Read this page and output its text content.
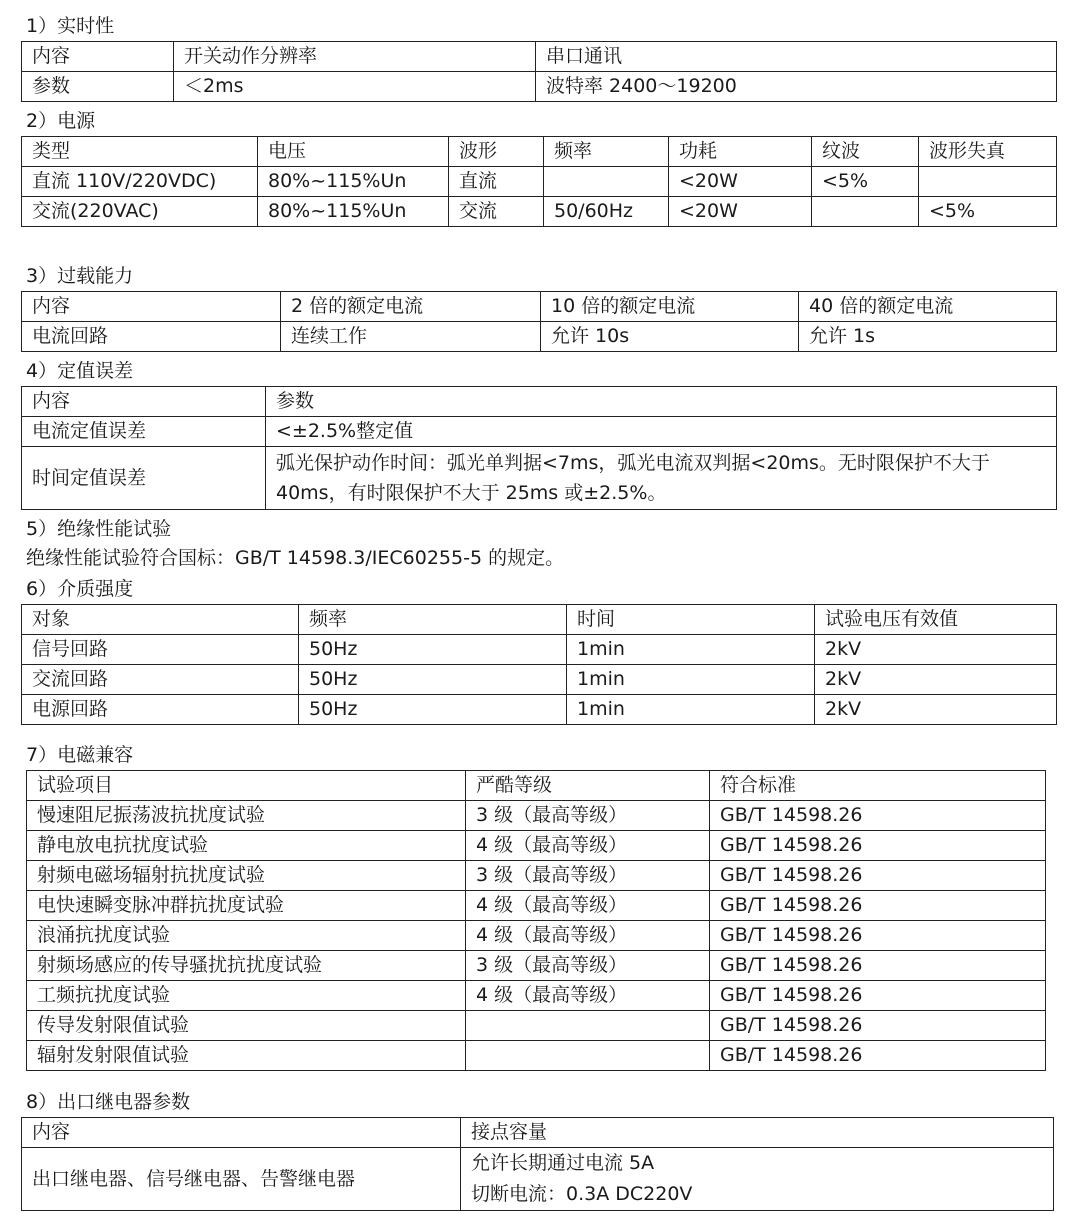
1）实时性
内容	开关动作分辨率	串口通讯
参数	＜2ms	波特率 2400～19200
2）电源
类型	电压	波形	频率	功耗	纹波	波形失真
直流 110V/220VDC)	80%~115%Un	直流		<20W	<5%	
交流(220VAC)	80%~115%Un	交流	50/60Hz	<20W		<5%
3）过载能力
内容	2 倍的额定电流	10 倍的额定电流	40 倍的额定电流
电流回路	连续工作	允许 10s	允许 1s
4）定值误差
内容	参数
电流定值误差	<±2.5%整定值
时间定值误差	弧光保护动作时间：弧光单判据<7ms，弧光电流双判据<20ms。无时限保护不大于 40ms，有时限保护不大于 25ms 或±2.5%。
5）绝缘性能试验
绝缘性能试验符合国标：GB/T 14598.3/IEC60255-5 的规定。
6）介质强度
对象	频率	时间	试验电压有效值
信号回路	50Hz	1min	2kV
交流回路	50Hz	1min	2kV
电源回路	50Hz	1min	2kV
7）电磁兼容
试验项目	严酷等级	符合标准
慢速阻尼振荡波抗扰度试验	3 级（最高等级）	GB/T 14598.26
静电放电抗扰度试验	4 级（最高等级）	GB/T 14598.26
射频电磁场辐射抗扰度试验	3 级（最高等级）	GB/T 14598.26
电快速瞬变脉冲群抗扰度试验	4 级（最高等级）	GB/T 14598.26
浪涌抗扰度试验	4 级（最高等级）	GB/T 14598.26
射频场感应的传导骚扰抗扰度试验	3 级（最高等级）	GB/T 14598.26
工频抗扰度试验	4 级（最高等级）	GB/T 14598.26
传导发射限值试验		GB/T 14598.26
辐射发射限值试验		GB/T 14598.26
8）出口继电器参数
内容	接点容量
出口继电器、信号继电器、告警继电器	允许长期通过电流 5A
切断电流：0.3A DC220V
